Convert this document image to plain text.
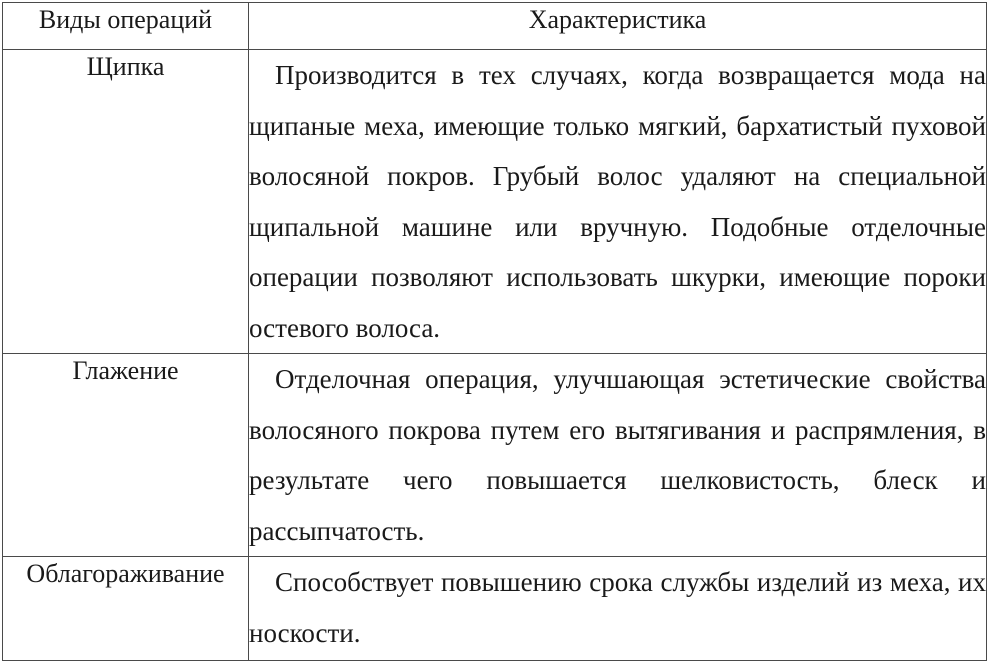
Виды операций	Характеристика
Щипка	Производится в тех случаях, когда возвращается мода на щипаные меха, имеющие только мягкий, бархатистый пуховой волосяной покров. Грубый волос удаляют на специальной щипальной машине или вручную. Подобные отделочные операции позволяют использовать шкурки, имеющие пороки остевого волоса.

Глажение	Отделочная операция, улучшающая эстетические свойства волосяного покрова путем его вытягивания и распрямления, в результате чего повышается шелковистость, блеск и рассыпчатость.

Облагораживание	Способствует повышению срока службы изделий из меха, их носкости.
